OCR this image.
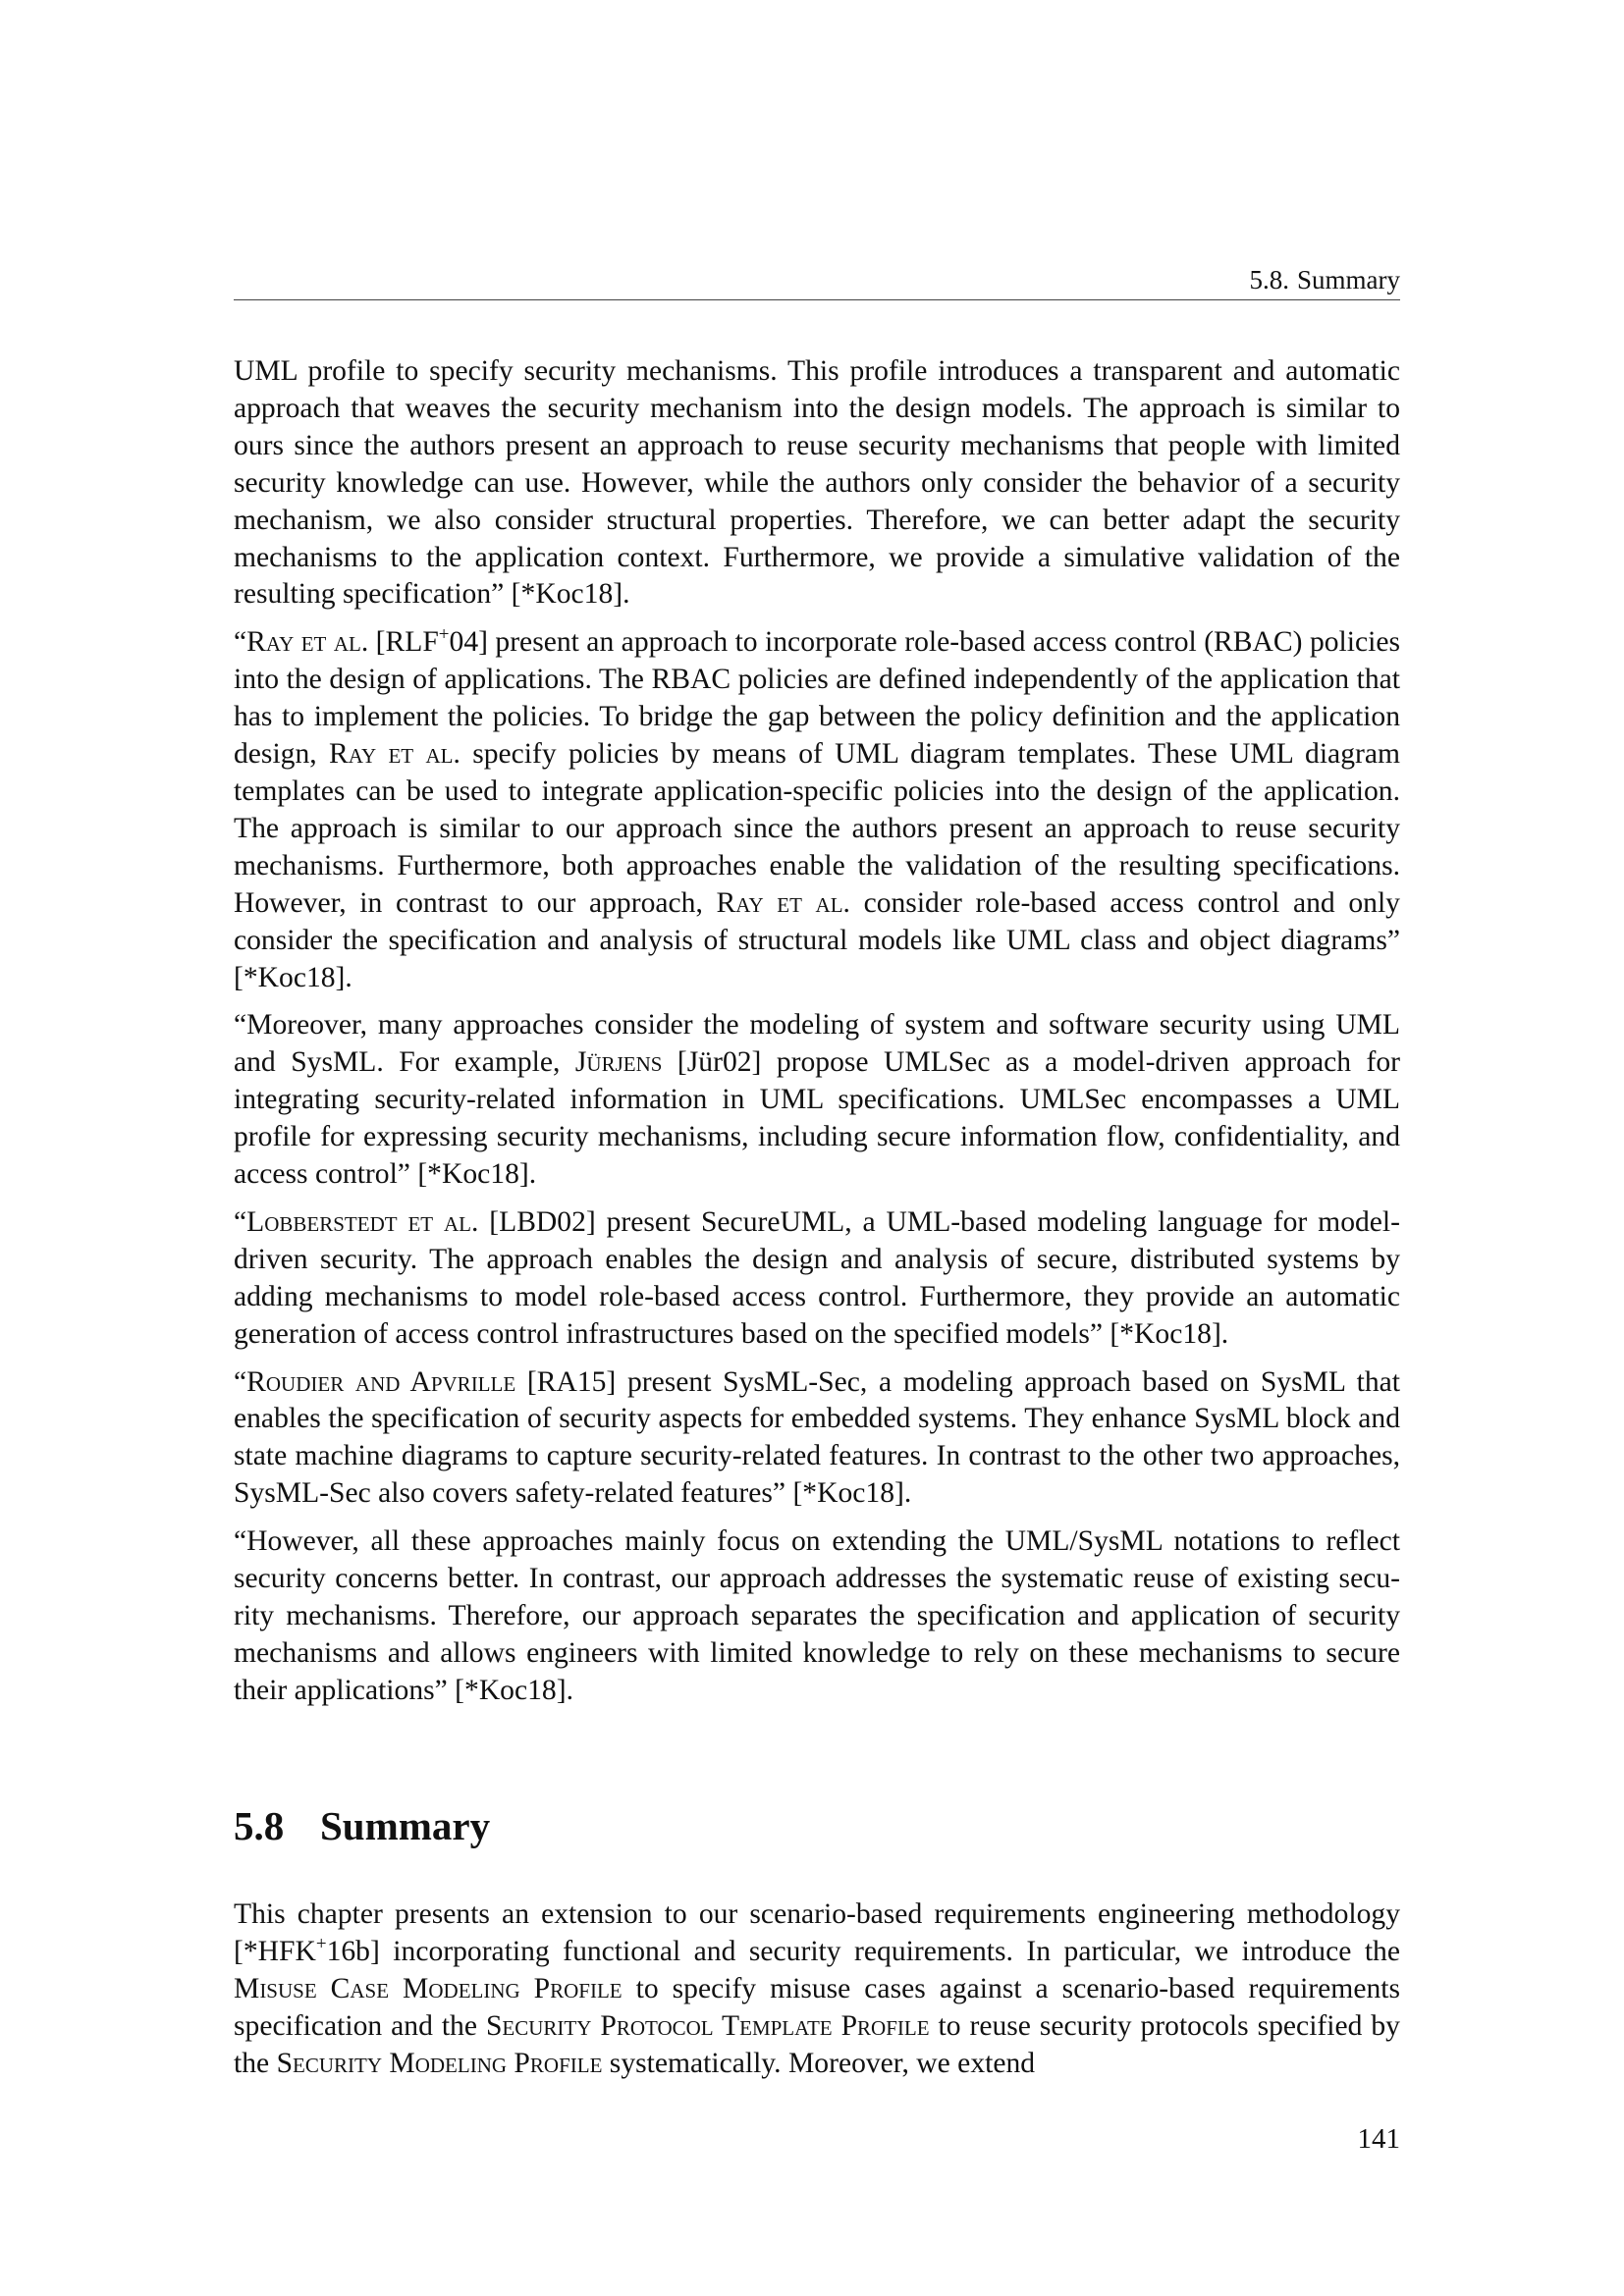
5.8. Summary

UML profile to specify security mechanisms. This profile introduces a transparent and automatic approach that weaves the security mechanism into the design models. The approach is similar to ours since the authors present an approach to reuse security mechanisms that people with limited security knowledge can use. However, while the authors only consider the behavior of a security mechanism, we also consider structural properties. Therefore, we can better adapt the security mechanisms to the application context. Furthermore, we provide a simulative validation of the resulting specification” [*Koc18].

“Ray et al. [RLF+04] present an approach to incorporate role-based access control (RBAC) policies into the design of applications. The RBAC policies are defined independently of the application that has to implement the policies. To bridge the gap between the policy definition and the application design, Ray et al. specify policies by means of UML diagram templates. These UML diagram templates can be used to integrate application-specific policies into the design of the application. The approach is similar to our approach since the authors present an approach to reuse security mechanisms. Furthermore, both approaches enable the validation of the resulting specifications. However, in contrast to our approach, Ray et al. consider role-based access control and only consider the specification and analysis of structural models like UML class and object diagrams” [*Koc18].

“Moreover, many approaches consider the modeling of system and software security using UML and SysML. For example, Jürjens [Jür02] propose UMLSec as a model-driven approach for integrating security-related information in UML specifications. UMLSec encompasses a UML profile for expressing security mechanisms, including secure information flow, confidentiality, and access control” [*Koc18].

“Lobberstedt et al. [LBD02] present SecureUML, a UML-based modeling language for model-driven security. The approach enables the design and analysis of secure, distributed systems by adding mechanisms to model role-based access control. Furthermore, they provide an automatic generation of access control infrastructures based on the specified models” [*Koc18].

“Roudier and Apvrille [RA15] present SysML-Sec, a modeling approach based on SysML that enables the specification of security aspects for embedded systems. They enhance SysML block and state machine diagrams to capture security-related features. In contrast to the other two approaches, SysML-Sec also covers safety-related features” [*Koc18].

“However, all these approaches mainly focus on extending the UML/SysML notations to reflect security concerns better. In contrast, our approach addresses the systematic reuse of existing security mechanisms. Therefore, our approach separates the specification and application of security mechanisms and allows engineers with limited knowledge to rely on these mechanisms to secure their applications” [*Koc18].

5.8 Summary

This chapter presents an extension to our scenario-based requirements engineering methodology [*HFK+16b] incorporating functional and security requirements. In particular, we introduce the Misuse Case Modeling Profile to specify misuse cases against a scenario-based requirements specification and the Security Protocol Template Profile to reuse security protocols specified by the Security Modeling Profile systematically. Moreover, we extend

141
